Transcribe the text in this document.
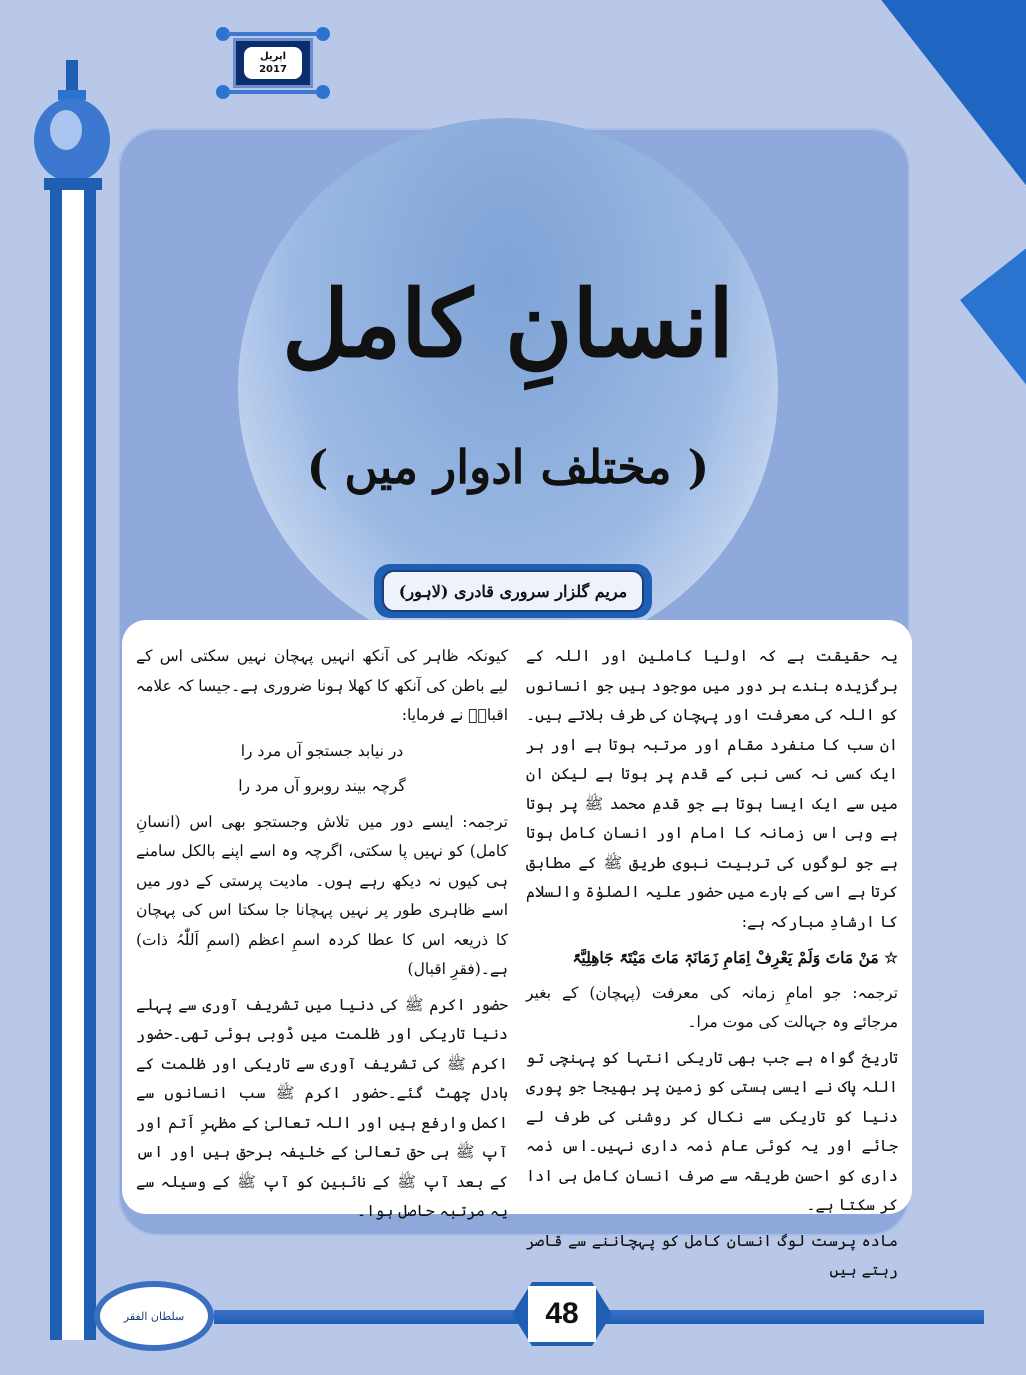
اپریل
2017
انسانِ کامل
( مختلف ادوار میں )
مریم گلزار سروری قادری (لاہور)

یہ حقیقت ہے کہ اولیا کاملین اور اللہ کے برگزیدہ بندے ہر دور میں موجود ہیں جو انسانوں کو اللہ کی معرفت اور پہچان کی طرف بلاتے ہیں۔ان سب کا منفرد مقام اور مرتبہ ہوتا ہے اور ہر ایک کسی نہ کسی نبی کے قدم پر ہوتا ہے لیکن ان میں سے ایک ایسا ہوتا ہے جو قدمِ محمد ﷺ پر ہوتا ہے وہی اس زمانہ کا امام اور انسانِ کامل ہوتا ہے جو لوگوں کی تربیت نبوی طریق ﷺ کے مطابق کرتا ہے اسی کے بارے میں حضور علیہ الصلوٰۃ والسلام کا ارشادِ مبارکہ ہے:

☆ مَنْ مَاتَ وَلَمْ یَعْرِفْ اِمَامِ زَمَانَۃٖ مَاتَ مَیْتَۃً جَاھِلِیَّۃً

ترجمہ: جو امامِ زمانہ کی معرفت (پہچان) کے بغیر مرجائے وہ جہالت کی موت مرا۔

تاریخ گواہ ہے جب بھی تاریکی انتہا کو پہنچی تو اللہ پاک نے ایسی ہستی کو زمین پر بھیجا جو پوری دنیا کو تاریکی سے نکال کر روشنی کی طرف لے جائے اور یہ کوئی عام ذمہ داری نہیں۔اس ذمہ داری کو احسن طریقہ سے صرف انسانِ کامل ہی ادا کر سکتا ہے۔

مادہ پرست لوگ انسانِ کامل کو پہچاننے سے قاصر رہتے ہیں

کیونکہ ظاہر کی آنکھ انہیں پہچان نہیں سکتی اس کے لیے باطن کی آنکھ کا کھلا ہونا ضروری ہے۔جیسا کہ علامہ اقبالؒ نے فرمایا:

در نیابد جستجو آں مرد را

گرچہ بیند روبرو آں مرد را

ترجمہ: ایسے دور میں تلاش وجستجو بھی اس (انسانِ کامل) کو نہیں پا سکتی، اگرچہ وہ اسے اپنے بالکل سامنے ہی کیوں نہ دیکھ رہے ہوں۔ مادیت پرستی کے دور میں اسے ظاہری طور پر نہیں پہچانا جا سکتا اس کی پہچان کا ذریعہ اس کا عطا کردہ اسمِ اعظم (اسمِ اَللّٰہُ ذات) ہے۔(فقرِ اقبال)

حضور اکرم ﷺ کی دنیا میں تشریف آوری سے پہلے دنیا تاریکی اور ظلمت میں ڈوبی ہوئی تھی۔حضور اکرم ﷺ کی تشریف آوری سے تاریکی اور ظلمت کے بادل چھٹ گئے۔حضور اکرم ﷺ سب انسانوں سے اکمل وارفع ہیں اور اللہ تعالیٰ کے مظہرِ اَتم اور آپ ﷺ ہی حق تعالیٰ کے خلیفہ برحق ہیں اور اس کے بعد آپ ﷺ کے نائبین کو آپ ﷺ کے وسیلہ سے یہ مرتبہ حاصل ہوا۔

سلطان الفقر	48
